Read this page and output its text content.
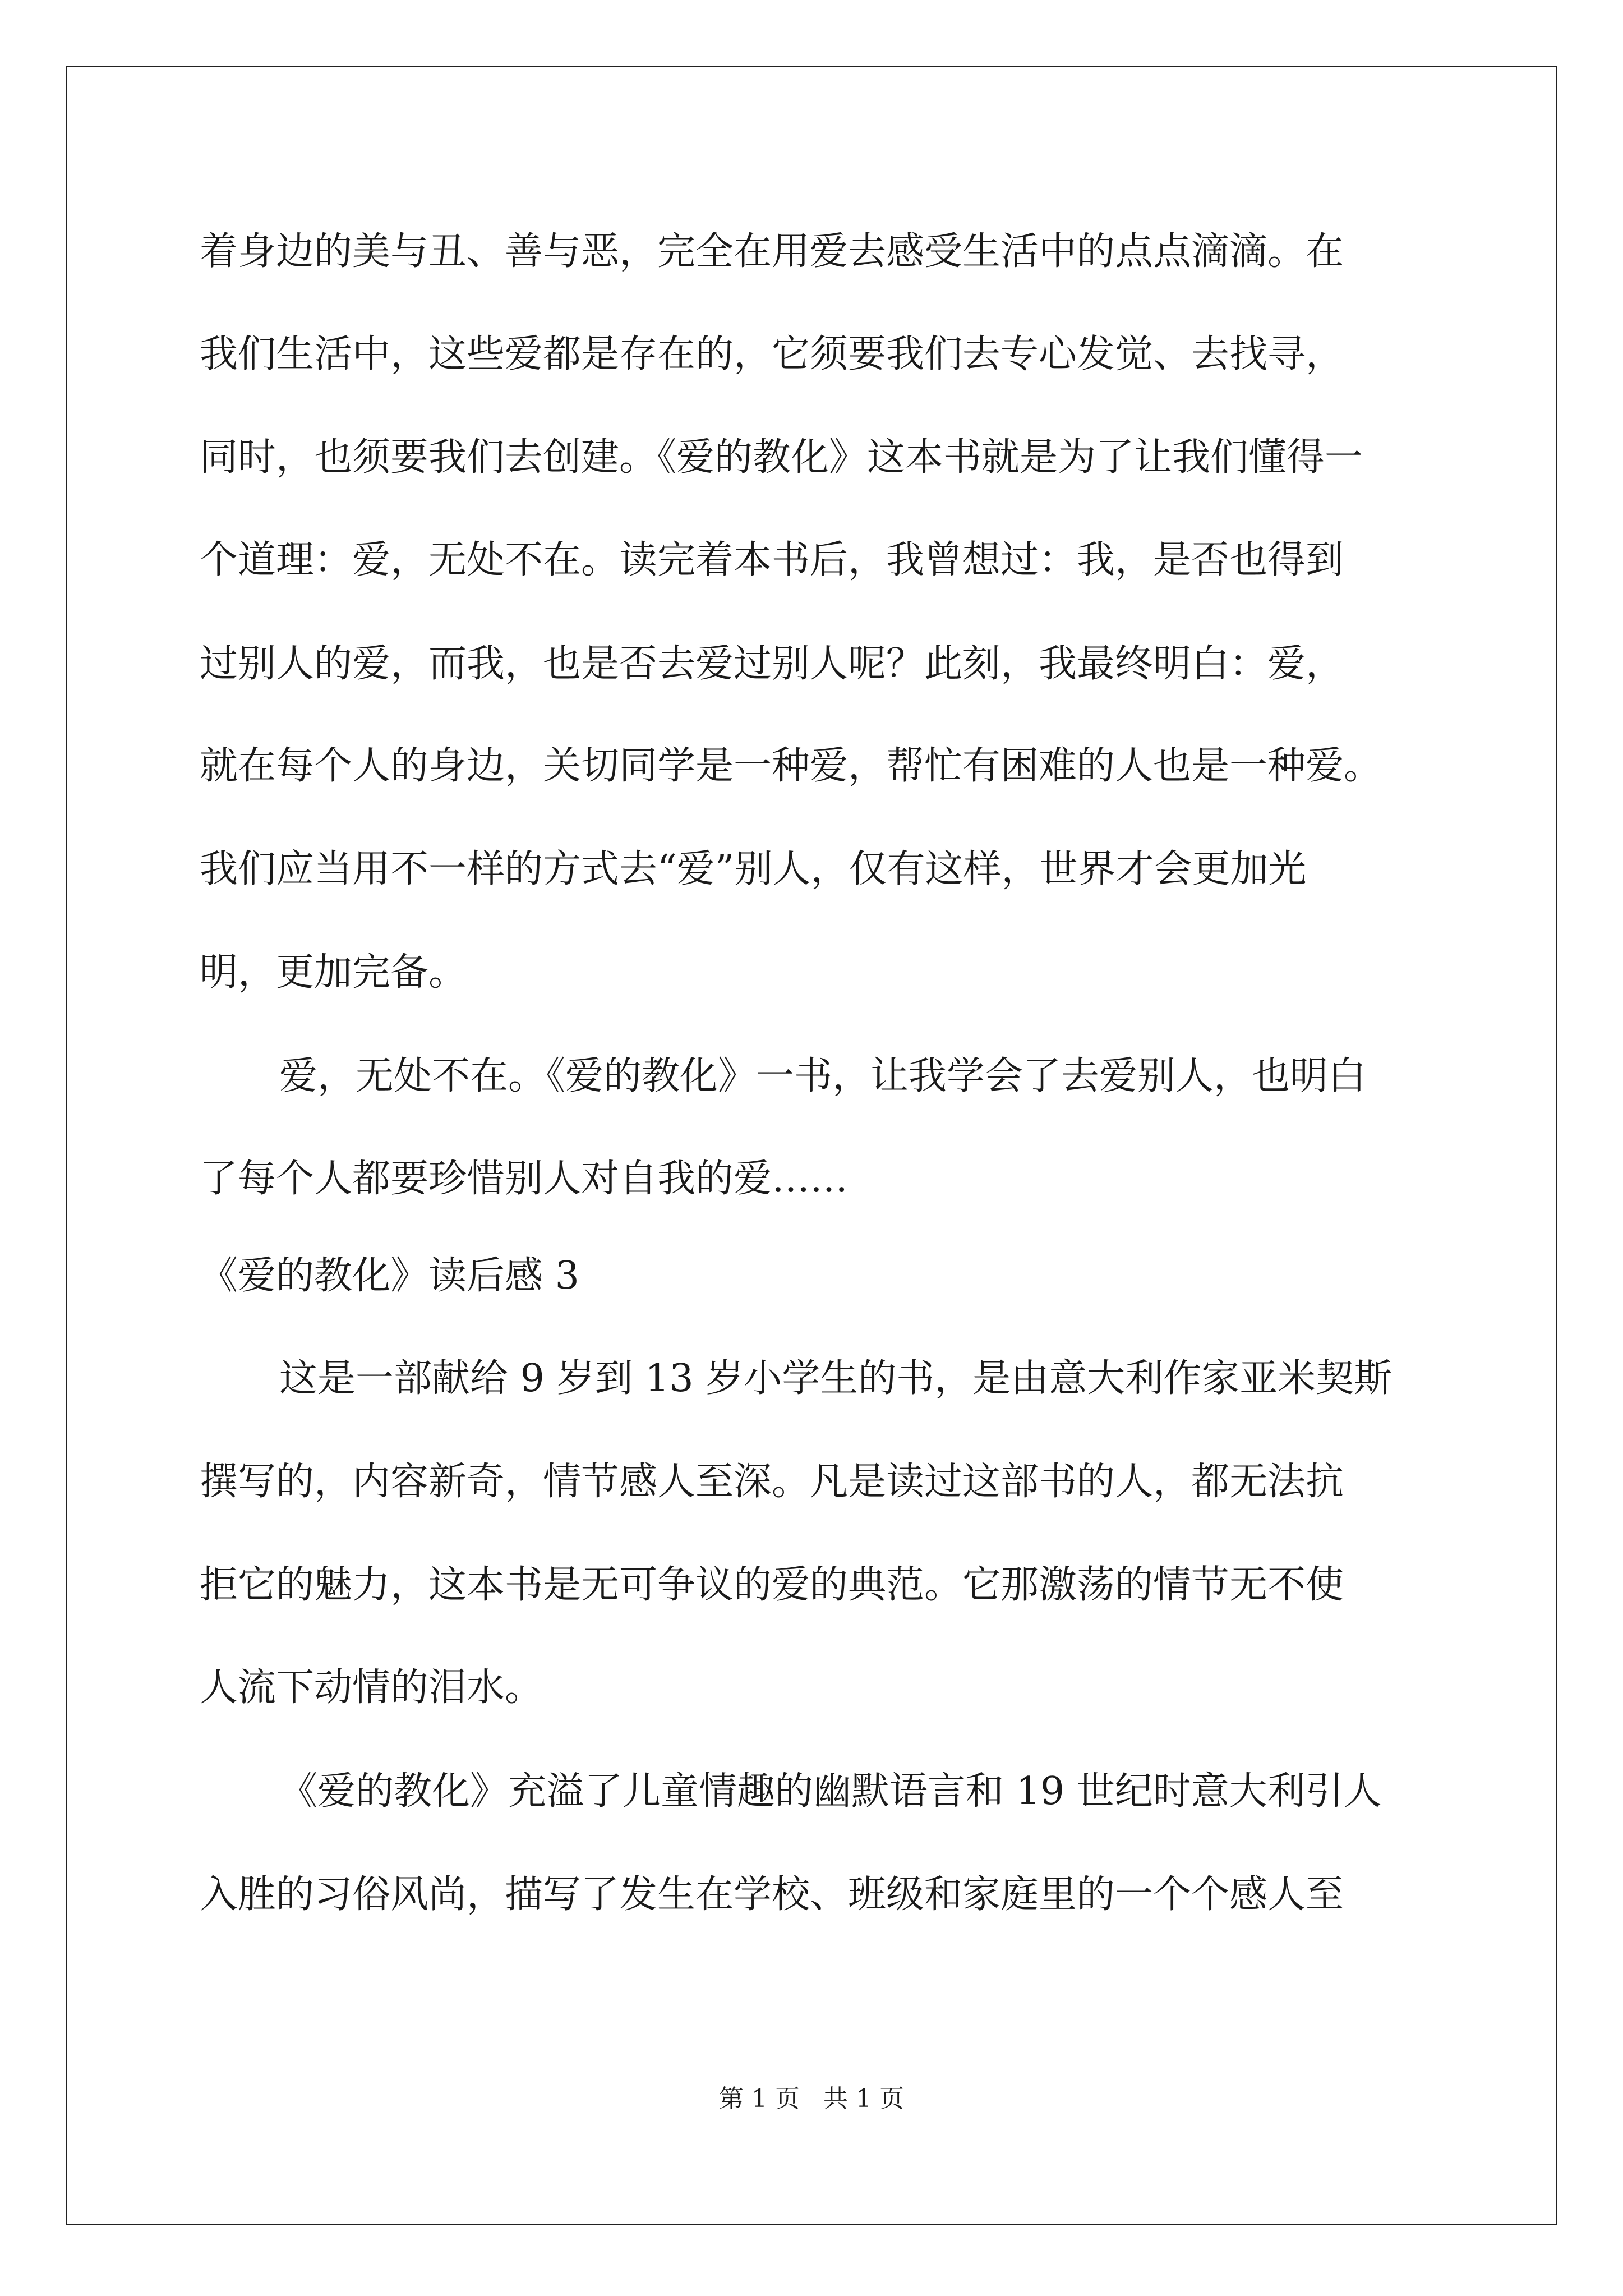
着身边的美与丑、善与恶，完全在用爱去感受生活中的点点滴滴。在
我们生活中，这些爱都是存在的，它须要我们去专心发觉、去找寻，
同时，也须要我们去创建。《爱的教化》这本书就是为了让我们懂得一
个道理：爱，无处不在。读完着本书后，我曾想过：我，是否也得到
过别人的爱，而我，也是否去爱过别人呢？此刻，我最终明白：爱，
就在每个人的身边，关切同学是一种爱，帮忙有困难的人也是一种爱。
我们应当用不一样的方式去“爱”别人，仅有这样，世界才会更加光
明，更加完备。
爱，无处不在。《爱的教化》一书，让我学会了去爱别人，也明白
了每个人都要珍惜别人对自我的爱……
《爱的教化》读后感 3
这是一部献给 9 岁到 13 岁小学生的书，是由意大利作家亚米契斯
撰写的，内容新奇，情节感人至深。凡是读过这部书的人，都无法抗
拒它的魅力，这本书是无可争议的爱的典范。它那激荡的情节无不使
人流下动情的泪水。
《爱的教化》充溢了儿童情趣的幽默语言和 19 世纪时意大利引人
入胜的习俗风尚，描写了发生在学校、班级和家庭里的一个个感人至
第 1 页   共 1 页
